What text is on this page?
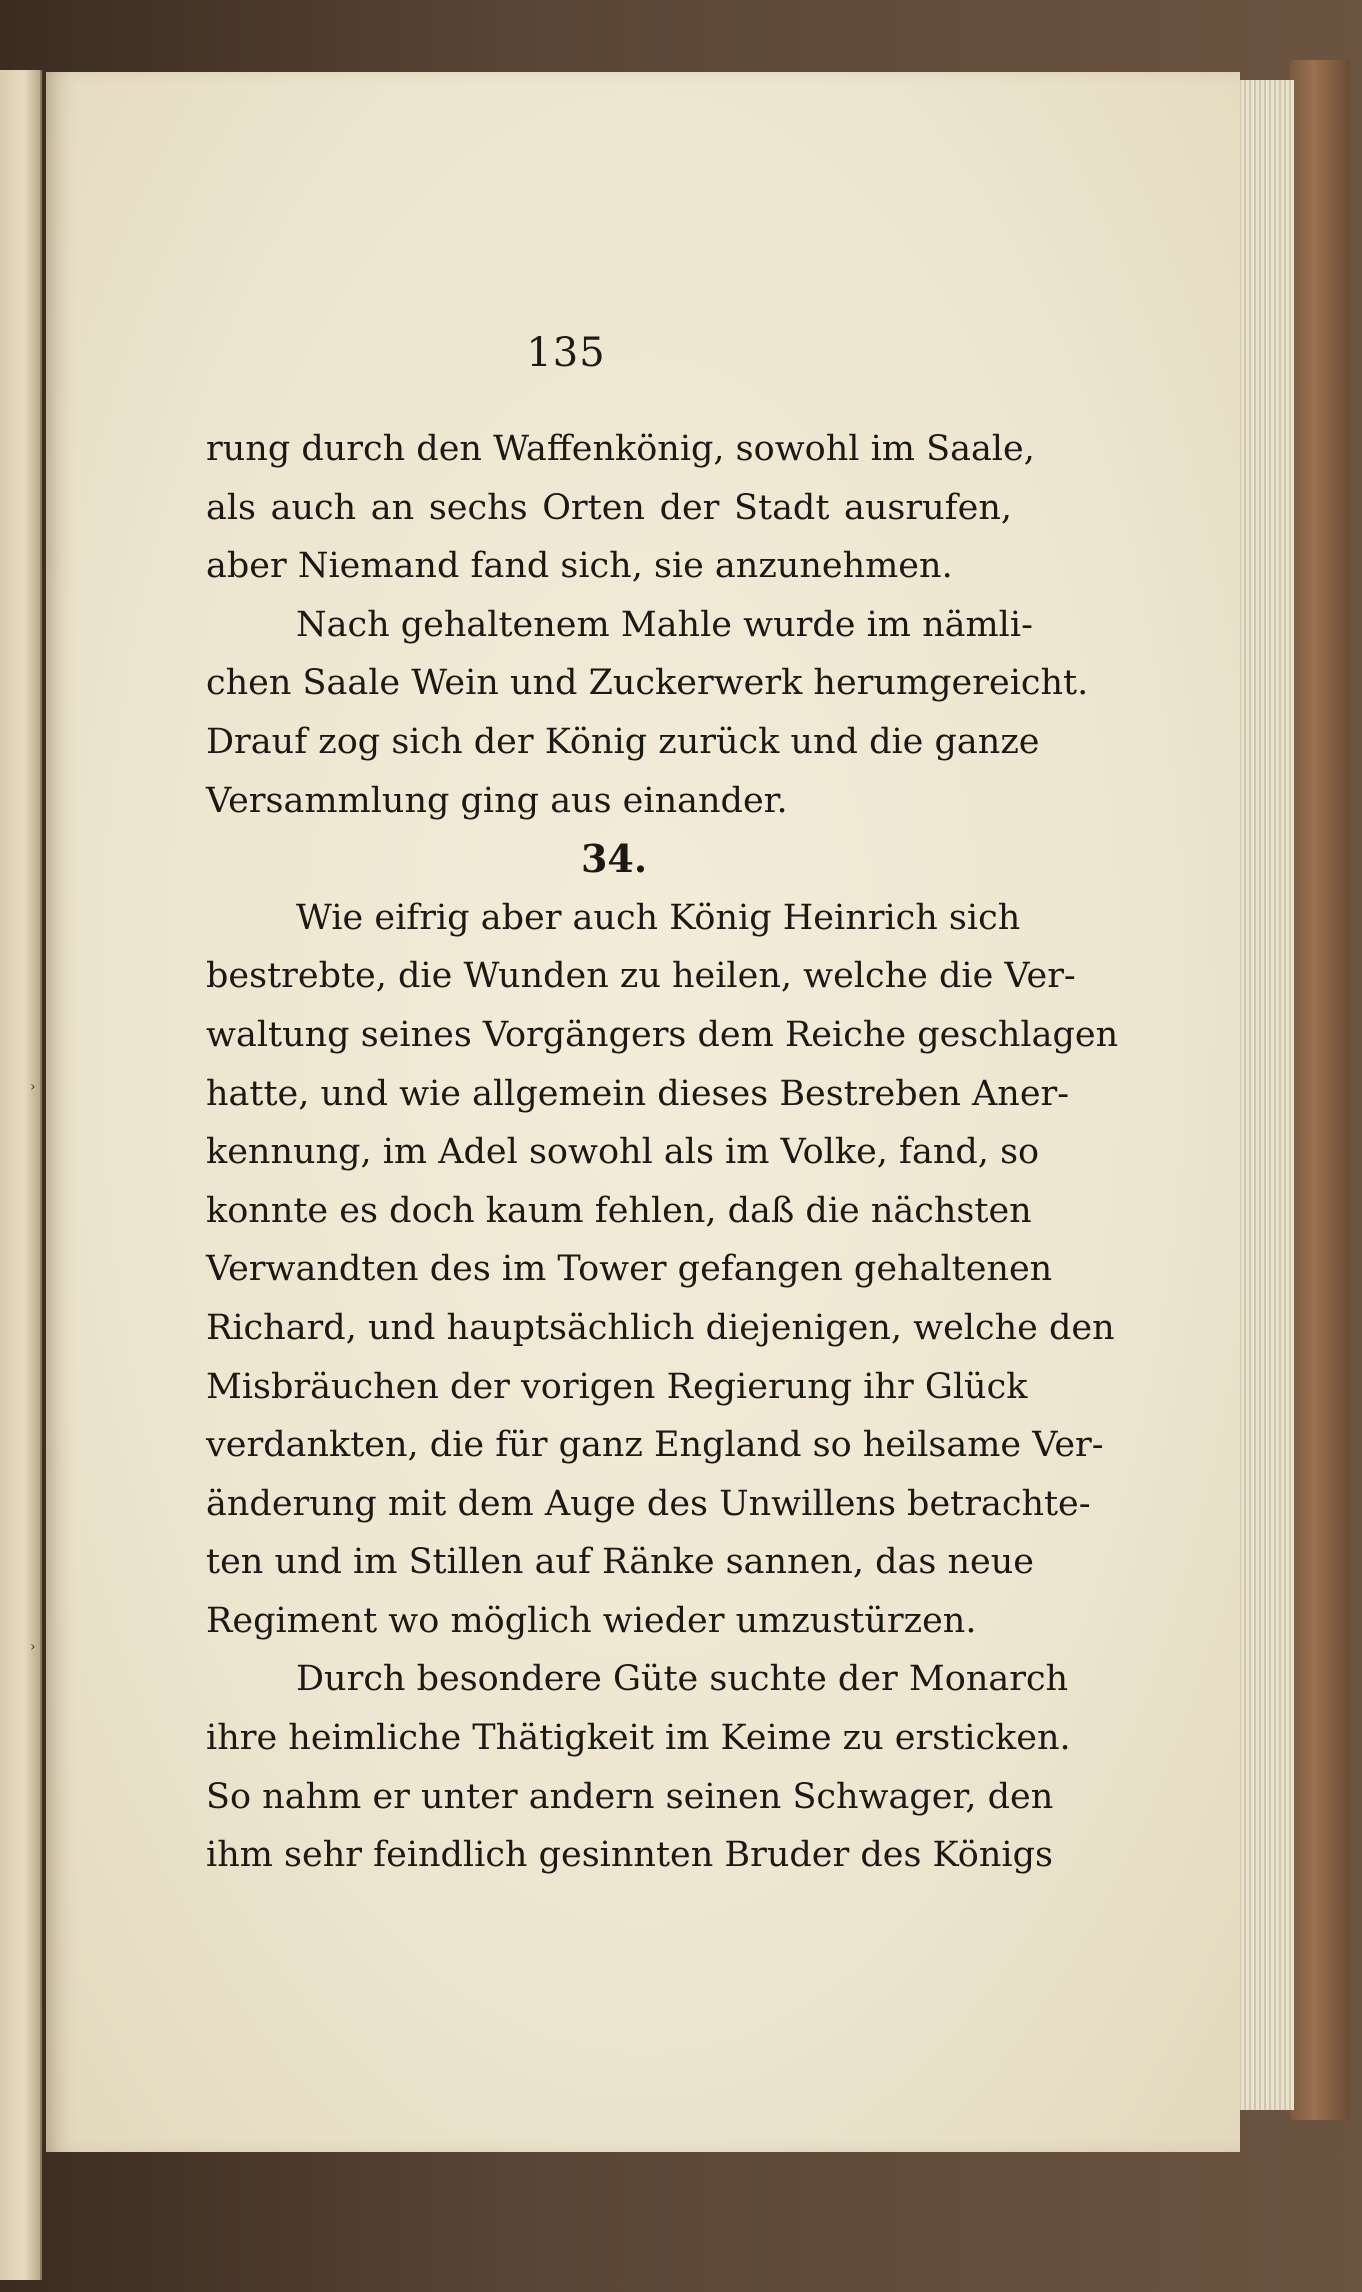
›
›
135
rung durch den Waffenkönig, sowohl im Saale,
als auch an sechs Orten der Stadt ausrufen,
aber Niemand fand sich, sie anzunehmen.
Nach gehaltenem Mahle wurde im nämli-
chen Saale Wein und Zuckerwerk herumgereicht.
Drauf zog sich der König zurück und die ganze
Versammlung ging aus einander.
34.
Wie eifrig aber auch König Heinrich sich
bestrebte, die Wunden zu heilen, welche die Ver-
waltung seines Vorgängers dem Reiche geschlagen
hatte, und wie allgemein dieses Bestreben Aner-
kennung, im Adel sowohl als im Volke, fand, so
konnte es doch kaum fehlen, daß die nächsten
Verwandten des im Tower gefangen gehaltenen
Richard, und hauptsächlich diejenigen, welche den
Misbräuchen der vorigen Regierung ihr Glück
verdankten, die für ganz England so heilsame Ver-
änderung mit dem Auge des Unwillens betrachte-
ten und im Stillen auf Ränke sannen, das neue
Regiment wo möglich wieder umzustürzen.
Durch besondere Güte suchte der Monarch
ihre heimliche Thätigkeit im Keime zu ersticken.
So nahm er unter andern seinen Schwager, den
ihm sehr feindlich gesinnten Bruder des Königs
